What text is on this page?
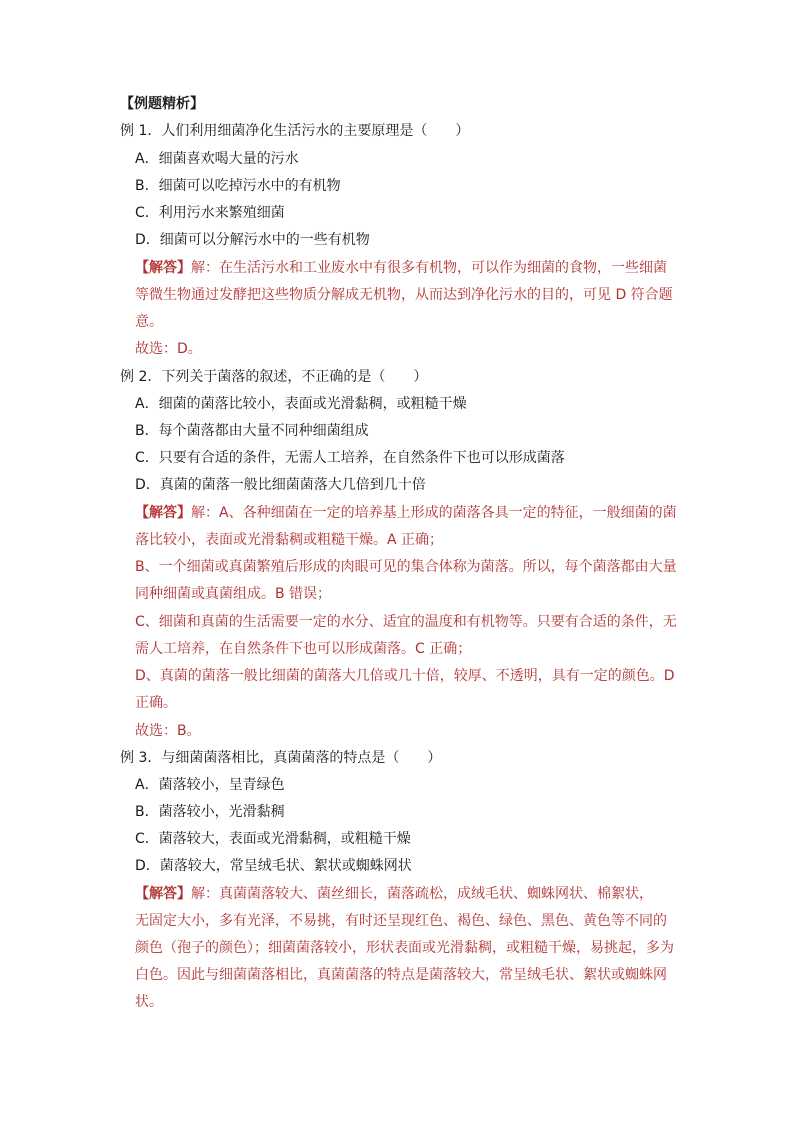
【例题精析】
例 1．人们利用细菌净化生活污水的主要原理是（　　）
A．细菌喜欢喝大量的污水
B．细菌可以吃掉污水中的有机物
C．利用污水来繁殖细菌
D．细菌可以分解污水中的一些有机物
【解答】解：在生活污水和工业废水中有很多有机物，可以作为细菌的食物，一些细菌
等微生物通过发酵把这些物质分解成无机物，从而达到净化污水的目的，可见 D 符合题
意。
故选：D。
例 2．下列关于菌落的叙述，不正确的是（　　）
A．细菌的菌落比较小，表面或光滑黏稠，或粗糙干燥
B．每个菌落都由大量不同种细菌组成
C．只要有合适的条件，无需人工培养，在自然条件下也可以形成菌落
D．真菌的菌落一般比细菌菌落大几倍到几十倍
【解答】解：A、各种细菌在一定的培养基上形成的菌落各具一定的特征，一般细菌的菌
落比较小，表面或光滑黏稠或粗糙干燥。A 正确；
B、一个细菌或真菌繁殖后形成的肉眼可见的集合体称为菌落。所以，每个菌落都由大量
同种细菌或真菌组成。B 错误；
C、细菌和真菌的生活需要一定的水分、适宜的温度和有机物等。只要有合适的条件，无
需人工培养，在自然条件下也可以形成菌落。C 正确；
D、真菌的菌落一般比细菌的菌落大几倍或几十倍，较厚、不透明，具有一定的颜色。D
正确。
故选：B。
例 3．与细菌菌落相比，真菌菌落的特点是（　　）
A．菌落较小，呈青绿色
B．菌落较小，光滑黏稠
C．菌落较大，表面或光滑黏稠，或粗糙干燥
D．菌落较大，常呈绒毛状、絮状或蜘蛛网状
【解答】解：真菌菌落较大、菌丝细长，菌落疏松，成绒毛状、蜘蛛网状、棉絮状，
无固定大小，多有光泽，不易挑，有时还呈现红色、褐色、绿色、黑色、黄色等不同的
颜色（孢子的颜色）；细菌菌落较小，形状表面或光滑黏稠，或粗糙干燥，易挑起，多为
白色。因此与细菌菌落相比，真菌菌落的特点是菌落较大，常呈绒毛状、絮状或蜘蛛网
状。
